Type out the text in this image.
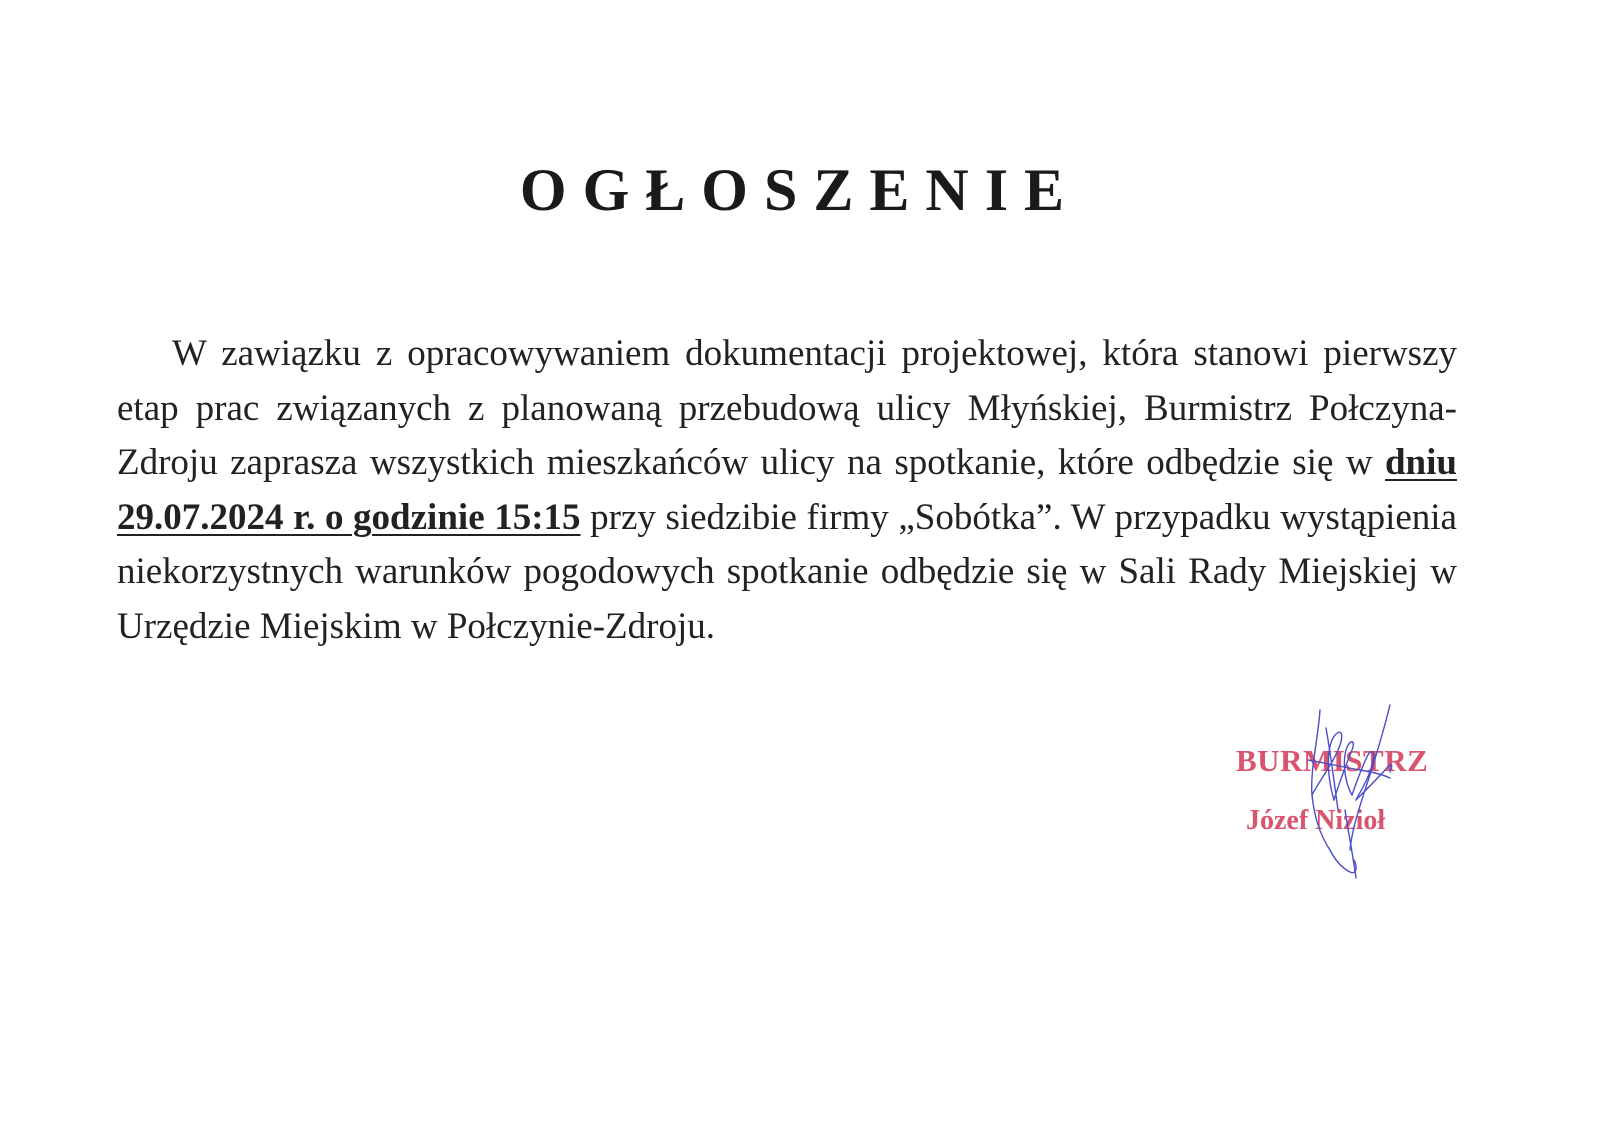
OGŁOSZENIE
W zawiązku z opracowywaniem dokumentacji projektowej, która stanowi pierwszy etap prac związanych z planowaną przebudową ulicy Młyńskiej, Burmistrz Połczyna-Zdroju zaprasza wszystkich mieszkańców ulicy na spotkanie, które odbędzie się w dniu 29.07.2024 r. o godzinie 15:15 przy siedzibie firmy „Sobótka”. W przypadku wystąpienia niekorzystnych warunków pogodowych spotkanie odbędzie się w Sali Rady Miejskiej w Urzędzie Miejskim w Połczynie-Zdroju.
BURMISTRZ
Józef Nizioł
